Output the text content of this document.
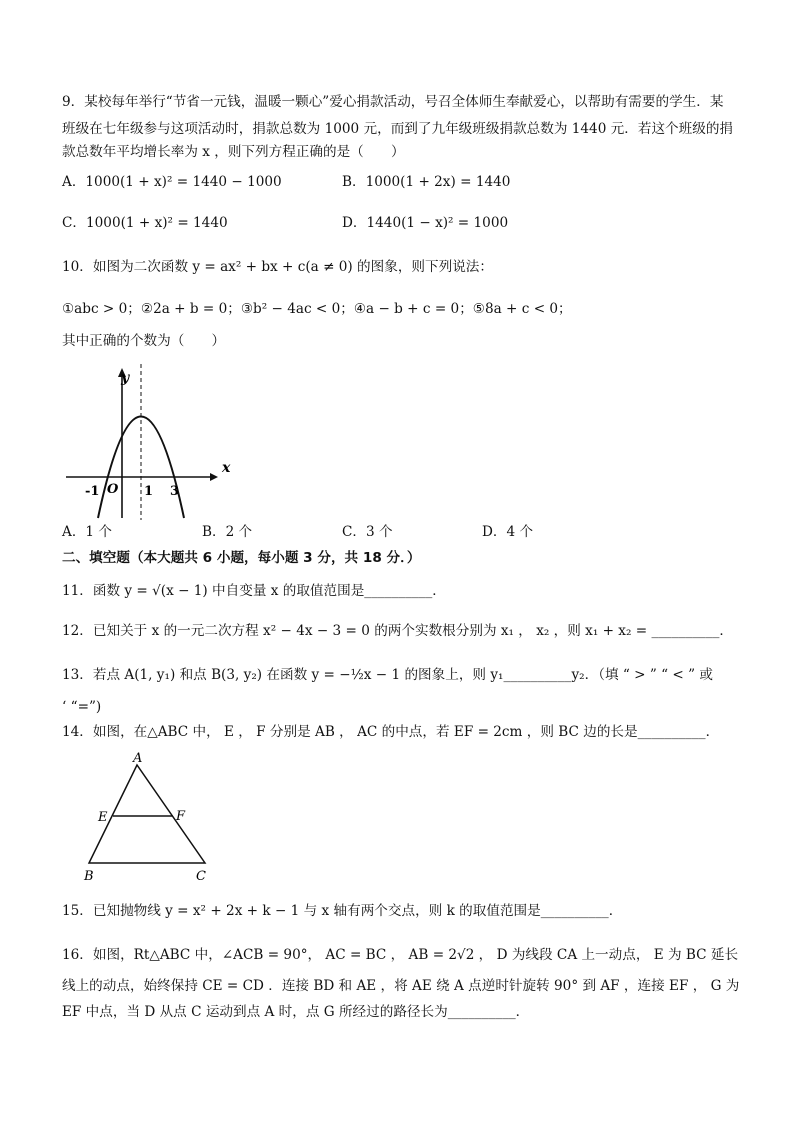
9．某校每年举行“节省一元钱，温暖一颗心”爱心捐款活动，号召全体师生奉献爱心，以帮助有需要的学生．某
班级在七年级参与这项活动时，捐款总数为 1000 元，而到了九年级班级捐款总数为 1440 元．若这个班级的捐
款总数年平均增长率为 x ，则下列方程正确的是（　　）
A．1000(1 + x)² = 1440 − 1000	B．1000(1 + 2x) = 1440
C．1000(1 + x)² = 1440	D．1440(1 − x)² = 1000
10．如图为二次函数 y = ax² + bx + c(a ≠ 0) 的图象，则下列说法：
①abc > 0；②2a + b = 0；③b² − 4ac < 0；④a − b + c = 0；⑤8a + c < 0；
其中正确的个数为（　　）
y
x
O
-1	1 3
A．1 个	B．2 个	C．3 个	D．4 个
二、填空题（本大题共 6 小题，每小题 3 分，共 18 分．）
11．函数 y = √(x − 1) 中自变量 x 的取值范围是__________．
12．已知关于 x 的一元二次方程 x² − 4x − 3 = 0 的两个实数根分别为 x₁ ， x₂ ，则 x₁ + x₂ = __________．
13．若点 A(1, y₁) 和点 B(3, y₂) 在函数 y = −½x − 1 的图象上，则 y₁__________y₂．（填 “ > ” “ < ” 或
‘ “=”)
14．如图，在△ABC 中， E ， F 分别是 AB ， AC 的中点，若 EF = 2cm ，则 BC 边的长是__________．
A
E	F
B	C
15．已知抛物线 y = x² + 2x + k − 1 与 x 轴有两个交点，则 k 的取值范围是__________．
16．如图，Rt△ABC 中，∠ACB = 90°， AC = BC ， AB = 2√2 ， D 为线段 CA 上一动点， E 为 BC 延长
线上的动点，始终保持 CE = CD ．连接 BD 和 AE ，将 AE 绕 A 点逆时针旋转 90° 到 AF ，连接 EF ， G 为
EF 中点，当 D 从点 C 运动到点 A 时，点 G 所经过的路径长为__________．
